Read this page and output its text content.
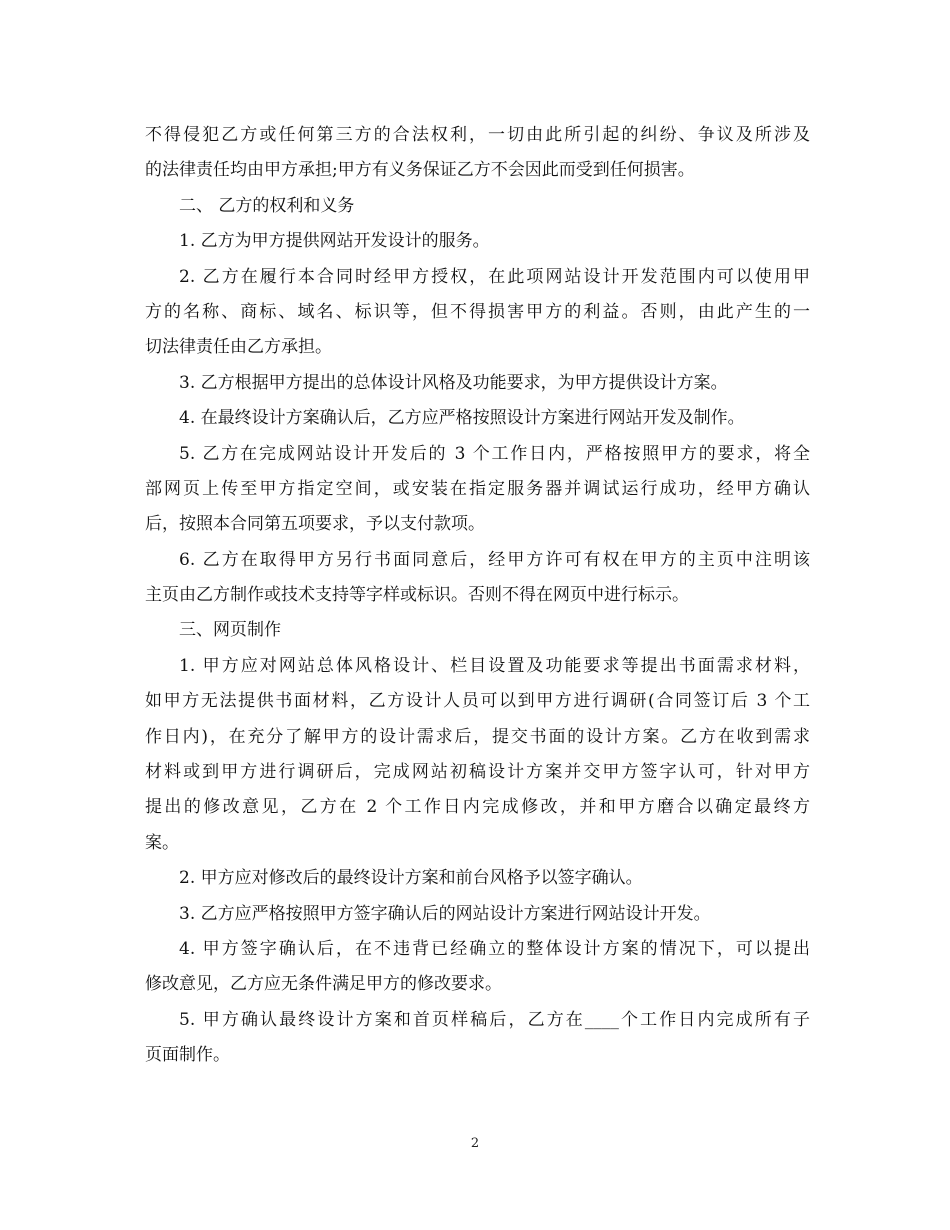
不得侵犯乙方或任何第三方的合法权利，一切由此所引起的纠纷、争议及所涉及
的法律责任均由甲方承担;甲方有义务保证乙方不会因此而受到任何损害。
二、 乙方的权利和义务
1. 乙方为甲方提供网站开发设计的服务。
2. 乙方在履行本合同时经甲方授权，在此项网站设计开发范围内可以使用甲
方的名称、商标、域名、标识等，但不得损害甲方的利益。否则，由此产生的一
切法律责任由乙方承担。
3. 乙方根据甲方提出的总体设计风格及功能要求，为甲方提供设计方案。
4. 在最终设计方案确认后，乙方应严格按照设计方案进行网站开发及制作。
5. 乙方在完成网站设计开发后的 3 个工作日内，严格按照甲方的要求，将全
部网页上传至甲方指定空间，或安装在指定服务器并调试运行成功，经甲方确认
后，按照本合同第五项要求，予以支付款项。
6. 乙方在取得甲方另行书面同意后，经甲方许可有权在甲方的主页中注明该
主页由乙方制作或技术支持等字样或标识。否则不得在网页中进行标示。
三、网页制作
1. 甲方应对网站总体风格设计、栏目设置及功能要求等提出书面需求材料，
如甲方无法提供书面材料，乙方设计人员可以到甲方进行调研(合同签订后 3 个工
作日内)，在充分了解甲方的设计需求后，提交书面的设计方案。乙方在收到需求
材料或到甲方进行调研后，完成网站初稿设计方案并交甲方签字认可，针对甲方
提出的修改意见，乙方在 2 个工作日内完成修改，并和甲方磨合以确定最终方
案。
2. 甲方应对修改后的最终设计方案和前台风格予以签字确认。
3. 乙方应严格按照甲方签字确认后的网站设计方案进行网站设计开发。
4. 甲方签字确认后，在不违背已经确立的整体设计方案的情况下，可以提出
修改意见，乙方应无条件满足甲方的修改要求。
5. 甲方确认最终设计方案和首页样稿后，乙方在____个工作日内完成所有子
页面制作。
2
